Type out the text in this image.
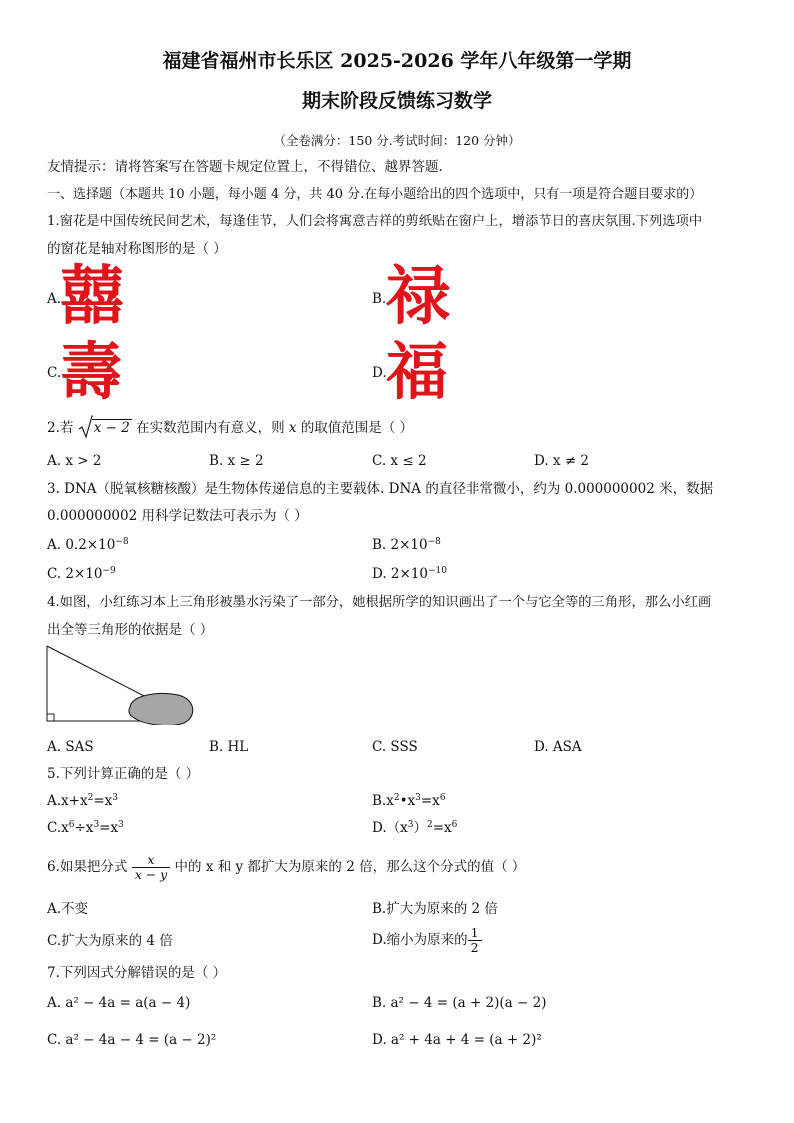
福建省福州市长乐区 2025-2026 学年八年级第一学期
期末阶段反馈练习数学
（全卷满分：150 分.考试时间：120 分钟）
友情提示：请将答案写在答题卡规定位置上，不得错位、越界答题.
一、选择题（本题共 10 小题，每小题 4 分，共 40 分.在每小题给出的四个选项中，只有一项是符合题目要求的）
1.窗花是中国传统民间艺术，每逢佳节，人们会将寓意吉祥的剪纸贴在窗户上，增添节日的喜庆氛围.下列选项中
的窗花是轴对称图形的是（ ）
A.
囍	B. 禄
C.
壽	D. 福
2.若 x − 2 在实数范围内有意义，则 x 的取值范围是（ ）
A. x > 2	B. x ≥ 2	C. x ≤ 2	D. x ≠ 2
3. DNA（脱氧核糖核酸）是生物体传递信息的主要载体. DNA 的直径非常微小，约为 0.000000002 米，数据
0.000000002 用科学记数法可表示为（ ）
A. $0.2\times 10^{-8}$	B. $2\times 10^{-8}$
C. $2\times 10^{-9}$	D. $2\times 10^{-10}$
4.如图，小红练习本上三角形被墨水污染了一部分，她根据所学的知识画出了一个与它全等的三角形，那么小红画
出全等三角形的依据是（ ）
A. SAS	B. HL	C. SSS	D. ASA
5.下列计算正确的是（ ）
$A.x+x^2=x^3$	$B.x^2•x^3=x^6$
$C.x^6\div x^3=x^3$	$D.(x^3)^2=x^6$
6.如果把分式 $\frac{x}{x - y}$ 中的 x 和 y 都扩大为原来的 2 倍，那么这个分式的值（ ）
A.不变	B.扩大为原来的 2 倍
C.扩大为原来的 4 倍	D.缩小为原来的 $\frac{1}{2}$
7.下列因式分解错误的是（ ）
A. a² − 4a = a(a − 4)	B. a² − 4 = (a + 2)(a − 2)
C. a² − 4a − 4 = (a − 2)²	D. a² + 4a + 4 = (a + 2)²
